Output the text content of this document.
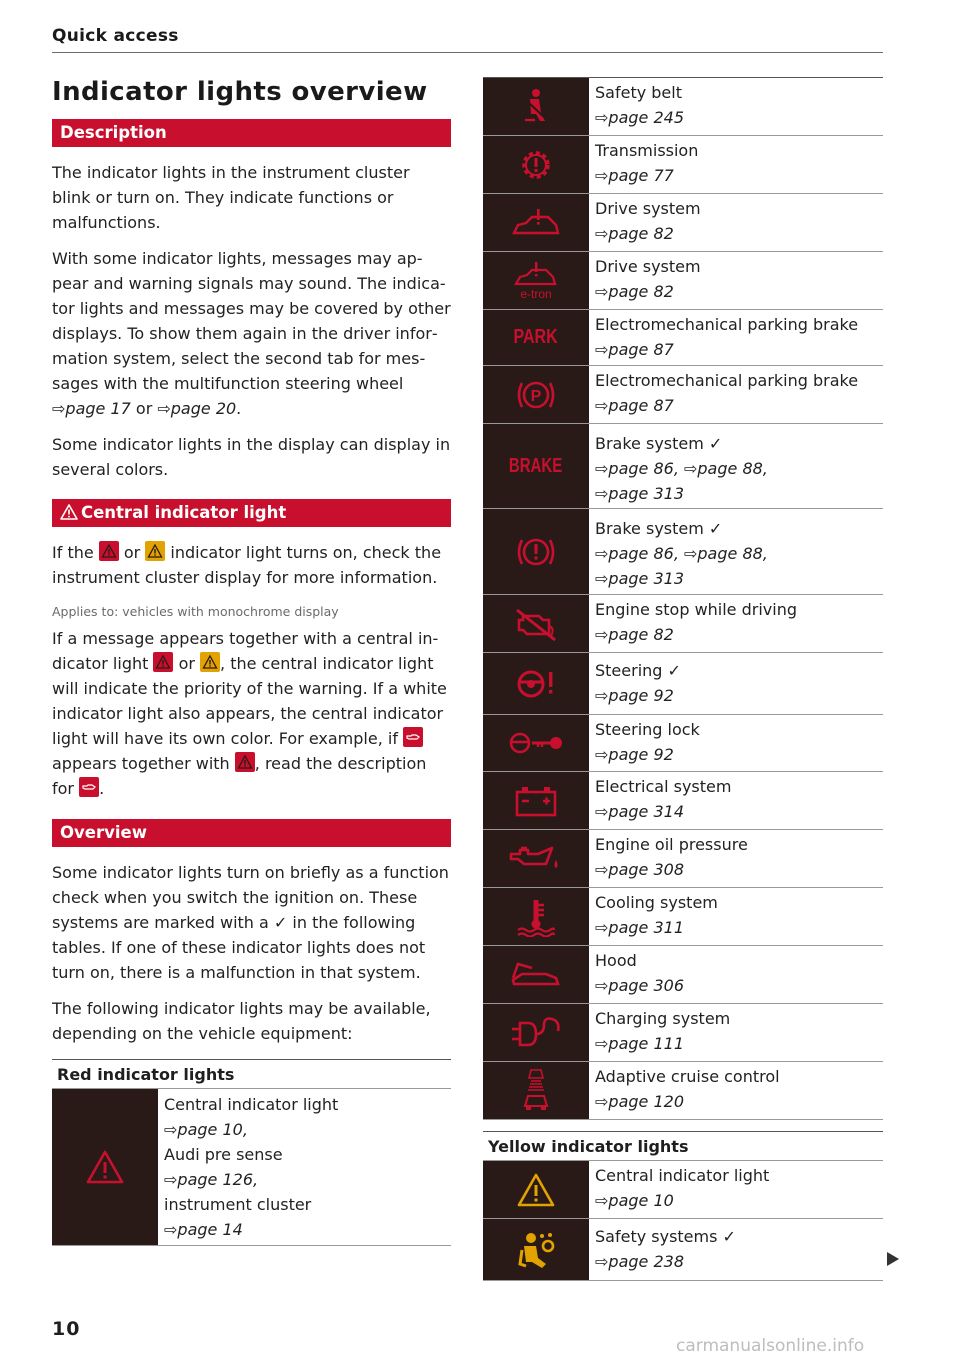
Quick access
Indicator lights overview
Description

The indicator lights in the instrument cluster blink or turn on. They indicate functions or malfunctions.

With some indicator lights, messages may appear and warning signals may sound. The indicator lights and messages may be covered by other displays. To show them again in the driver information system, select the second tab for messages with the multifunction steering wheel ⇨page 17 or ⇨page 20.

Some indicator lights in the display can display in several colors.

Central indicator light

If the
or
indicator light turns on, check the instrument cluster display for more information.

Applies to: vehicles with monochrome display

If a message appears together with a central indicator light
or
, the central indicator light will indicate the priority of the warning. If a white indicator light also appears, the central indicator light will have its own color. For example, if
appears together with
, read the description for
.

Overview

Some indicator lights turn on briefly as a function check when you switch the ignition on. These systems are marked with a ✓ in the following tables. If one of these indicator lights does not turn on, there is a malfunction in that system.

The following indicator lights may be available, depending on the vehicle equipment:

Red indicator lights
Central indicator light
⇨page 10,
Audi pre sense
⇨page 126,
instrument cluster
⇨page 14
Safety belt
⇨page 245
Transmission
⇨page 77
Drive system
⇨page 82
e-tron
Drive system
⇨page 82
PARK
Electromechanical parking brake
⇨page 87
P
Electromechanical parking brake
⇨page 87
BRAKE
Brake system ✓
⇨page 86, ⇨page 88,
⇨page 313
Brake system ✓
⇨page 86, ⇨page 88,
⇨page 313
Engine stop while driving
⇨page 82
Steering ✓
⇨page 92
Steering lock
⇨page 92
Electrical system
⇨page 314
Engine oil pressure
⇨page 308
Cooling system
⇨page 311
Hood
⇨page 306
Charging system
⇨page 111
Adaptive cruise control
⇨page 120
Yellow indicator lights
Central indicator light
⇨page 10
Safety systems ✓
⇨page 238
10
carmanualsonline.info
